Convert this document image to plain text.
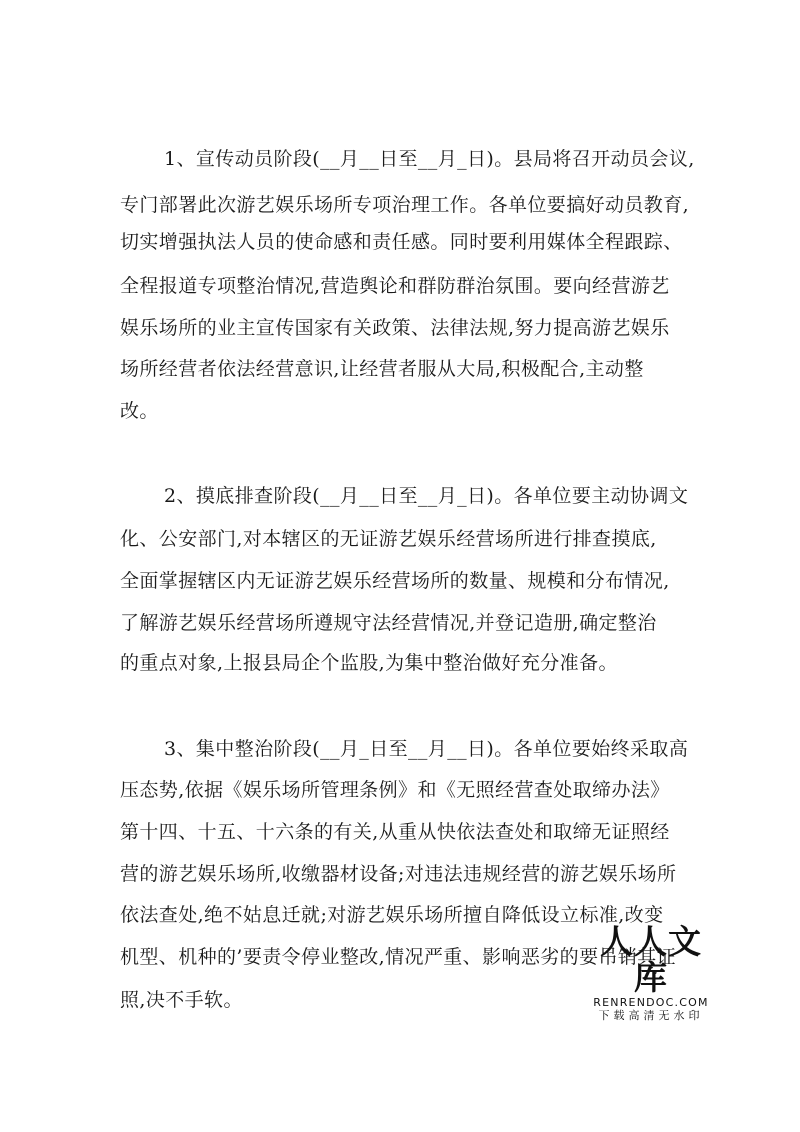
1、宣传动员阶段(__月__日至__月_日)。县局将召开动员会议,
专门部署此次游艺娱乐场所专项治理工作。各单位要搞好动员教育,
切实增强执法人员的使命感和责任感。同时要利用媒体全程跟踪、
全程报道专项整治情况,营造舆论和群防群治氛围。要向经营游艺
娱乐场所的业主宣传国家有关政策、法律法规,努力提高游艺娱乐
场所经营者依法经营意识,让经营者服从大局,积极配合,主动整
改。
2、摸底排查阶段(__月__日至__月_日)。各单位要主动协调文
化、公安部门,对本辖区的无证游艺娱乐经营场所进行排查摸底,
全面掌握辖区内无证游艺娱乐经营场所的数量、规模和分布情况,
了解游艺娱乐经营场所遵规守法经营情况,并登记造册,确定整治
的重点对象,上报县局企个监股,为集中整治做好充分准备。
3、集中整治阶段(__月_日至__月__日)。各单位要始终采取高
压态势,依据《娱乐场所管理条例》和《无照经营查处取缔办法》
第十四、十五、十六条的有关,从重从快依法查处和取缔无证照经
营的游艺娱乐场所,收缴器材设备;对违法违规经营的游艺娱乐场所
依法查处,绝不姑息迁就;对游艺娱乐场所擅自降低设立标准,改变
机型、机种的’要责令停业整改,情况严重、影响恶劣的要吊销其证
照,决不手软。
人人文库
RENRENDOC.COM
下载高清无水印
